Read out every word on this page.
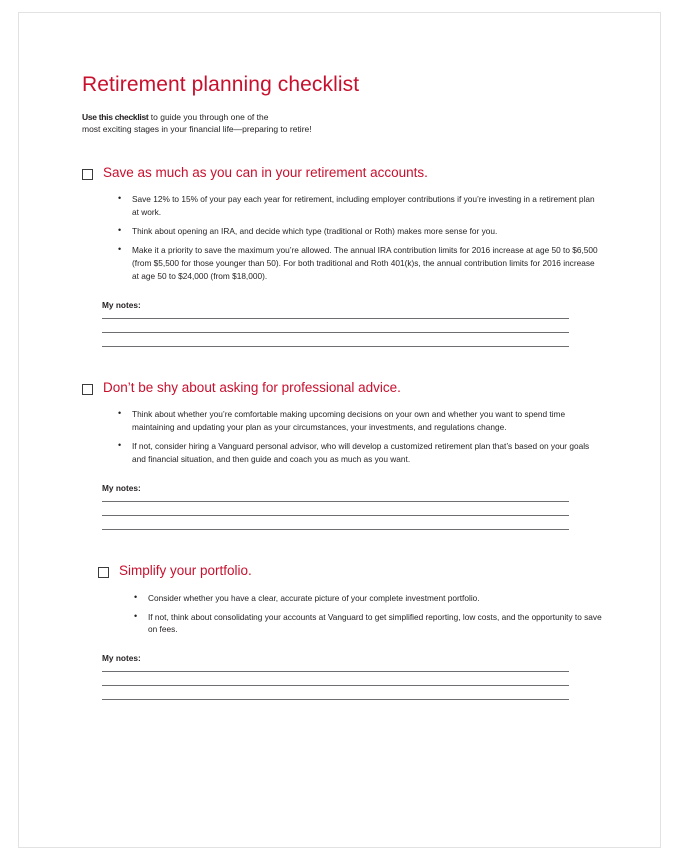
Retirement planning checklist
Use this checklist to guide you through one of the
most exciting stages in your financial life—preparing to retire!
Save as much as you can in your retirement accounts.
• Save 12% to 15% of your pay each year for retirement, including employer contributions if you’re investing in a retirement plan at work.
• Think about opening an IRA, and decide which type (traditional or Roth) makes more sense for you.
• Make it a priority to save the maximum you’re allowed. The annual IRA contribution limits for 2016 increase at age 50 to $6,500 (from $5,500 for those younger than 50). For both traditional and Roth 401(k)s, the annual contribution limits for 2016 increase at age 50 to $24,000 (from $18,000).
My notes:
Don’t be shy about asking for professional advice.
• Think about whether you’re comfortable making upcoming decisions on your own and whether you want to spend time maintaining and updating your plan as your circumstances, your investments, and regulations change.
• If not, consider hiring a Vanguard personal advisor, who will develop a customized retirement plan that’s based on your goals and financial situation, and then guide and coach you as much as you want.
My notes:
Simplify your portfolio.
• Consider whether you have a clear, accurate picture of your complete investment portfolio.
• If not, think about consolidating your accounts at Vanguard to get simplified reporting, low costs, and the opportunity to save on fees.
My notes:
